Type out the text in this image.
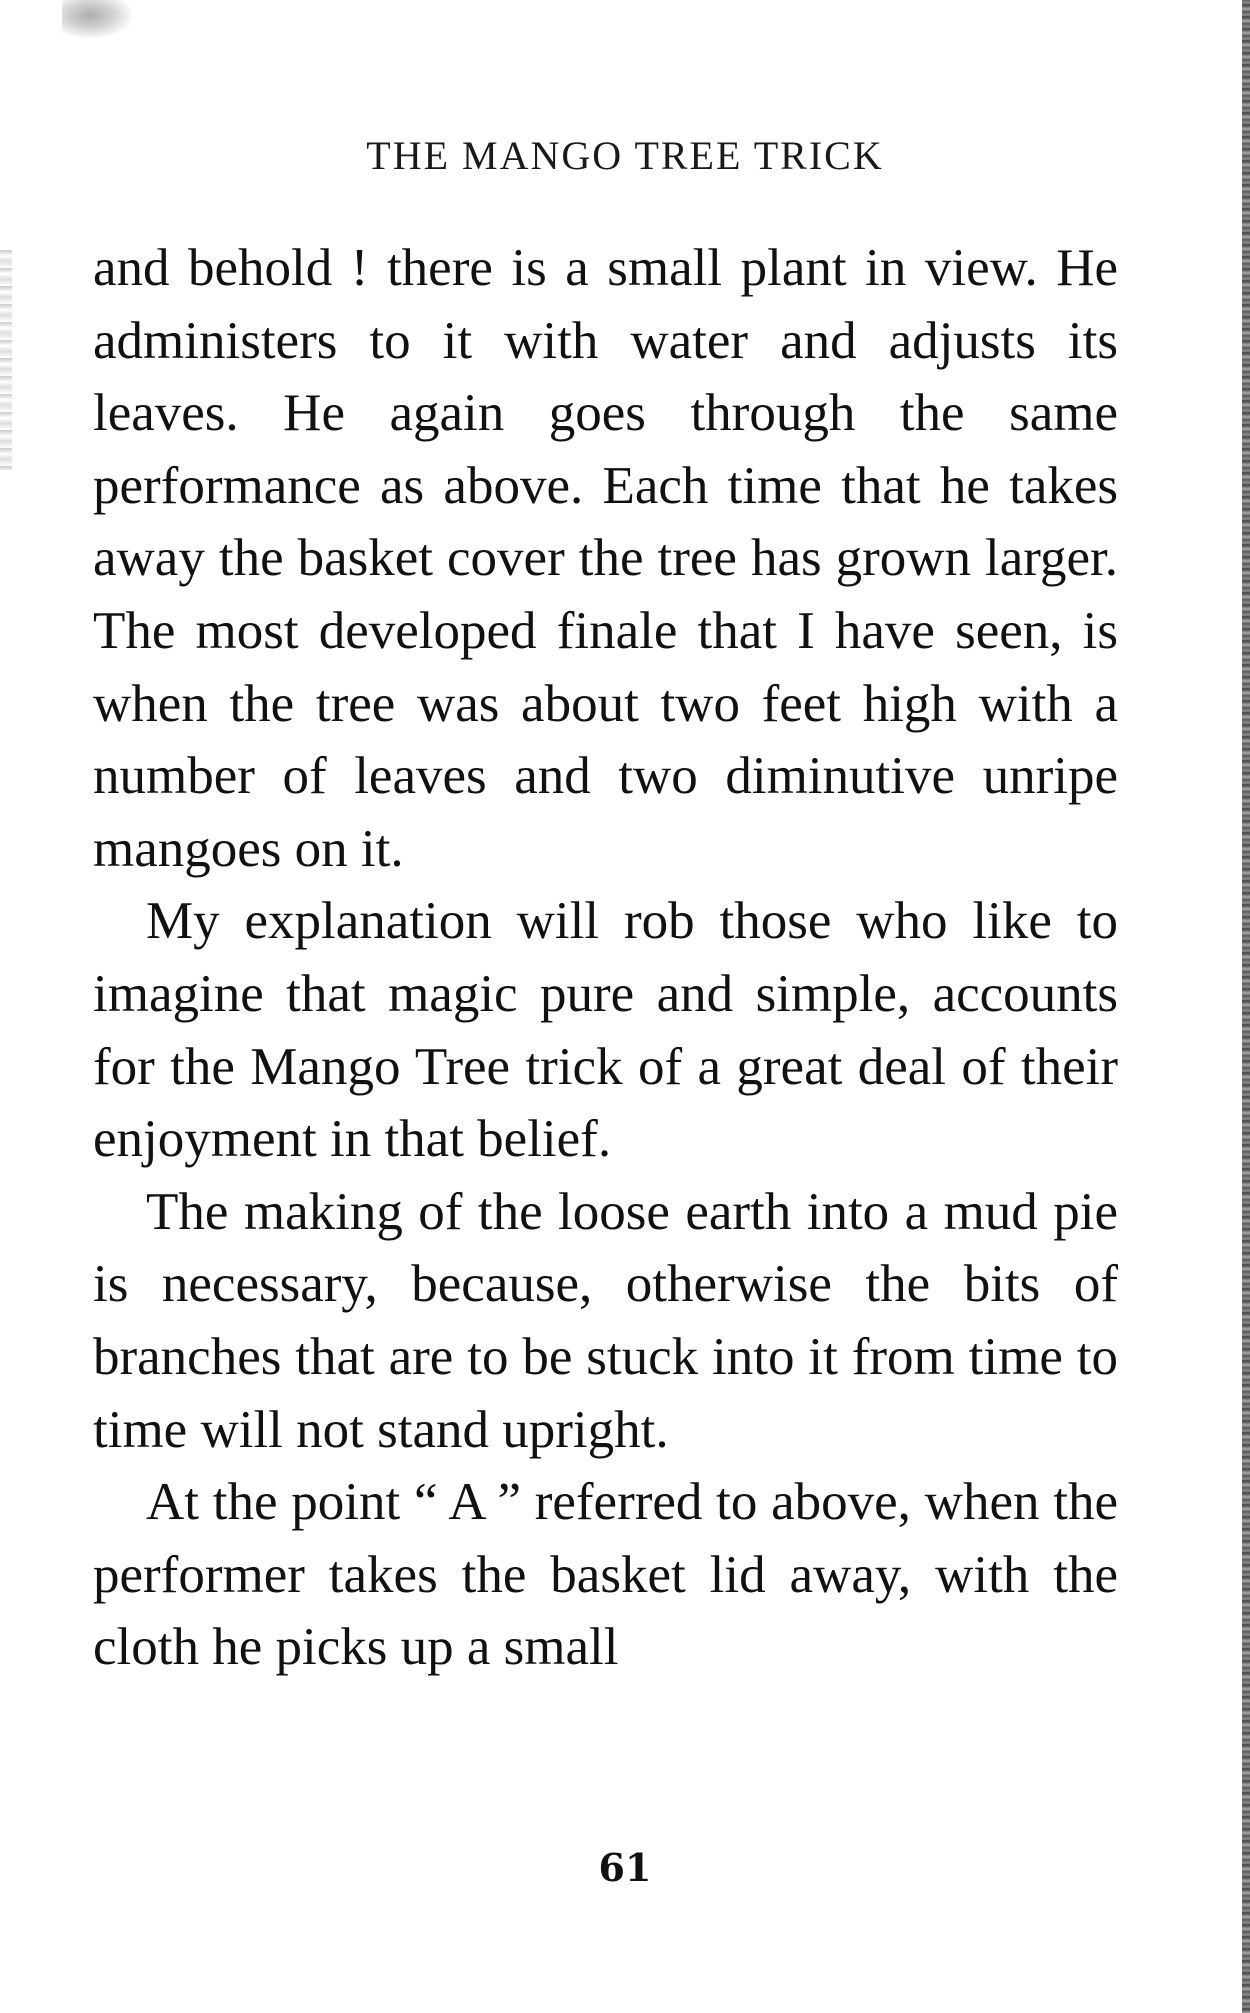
THE MANGO TREE TRICK

and behold ! there is a small plant in view. He administers to it with water and adjusts its leaves. He again goes through the same performance as above. Each time that he takes away the basket cover the tree has grown larger. The most developed finale that I have seen, is when the tree was about two feet high with a number of leaves and two diminutive unripe mangoes on it.

My explanation will rob those who like to imagine that magic pure and simple, accounts for the Mango Tree trick of a great deal of their enjoyment in that belief.

The making of the loose earth into a mud pie is necessary, because, otherwise the bits of branches that are to be stuck into it from time to time will not stand upright.

At the point “ A ” referred to above, when the performer takes the basket lid away, with the cloth he picks up a small

61
